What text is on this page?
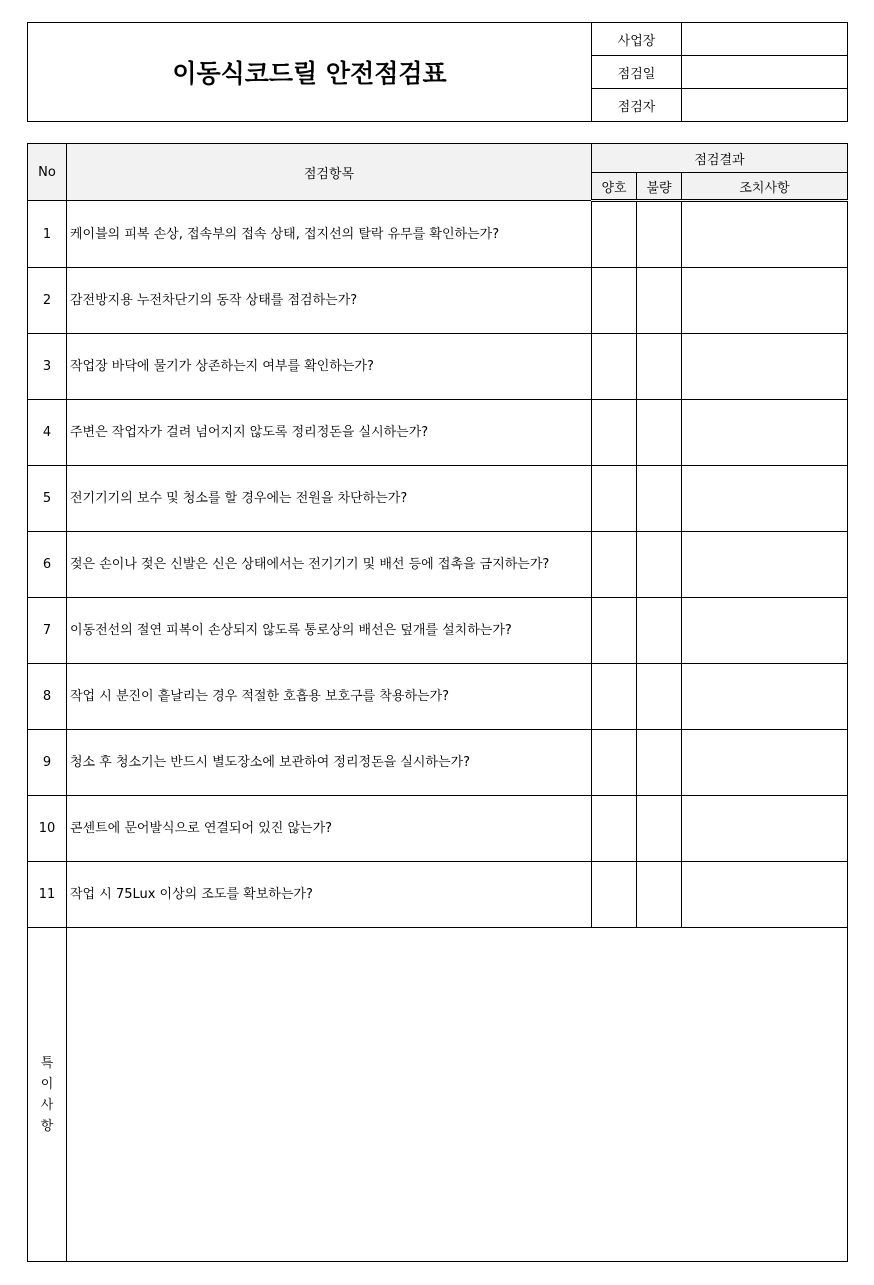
이동식코드릴 안전점검표	사업장	
	점검일	
	점검자	
No	점검항목	점검결과		
		양호	불량	조치사항
1	케이블의 피복 손상, 접속부의 접속 상태, 접지선의 탈락 유무를 확인하는가?			
2	감전방지용 누전차단기의 동작 상태를 점검하는가?			
3	작업장 바닥에 물기가 상존하는지 여부를 확인하는가?			
4	주변은 작업자가 걸려 넘어지지 않도록 정리정돈을 실시하는가?			
5	전기기기의 보수 및 청소를 할 경우에는 전원을 차단하는가?			
6	젖은 손이나 젖은 신발은 신은 상태에서는 전기기기 및 배선 등에 접촉을 금지하는가?			
7	이동전선의 절연 피복이 손상되지 않도록 통로상의 배선은 덮개를 설치하는가?			
8	작업 시 분진이 흩날리는 경우 적절한 호흡용 보호구를 착용하는가?			
9	청소 후 청소기는 반드시 별도장소에 보관하여 정리정돈을 실시하는가?			
10	콘센트에 문어발식으로 연결되어 있진 않는가?			
11	작업 시 75Lux 이상의 조도를 확보하는가?			
특
이
사
항				
